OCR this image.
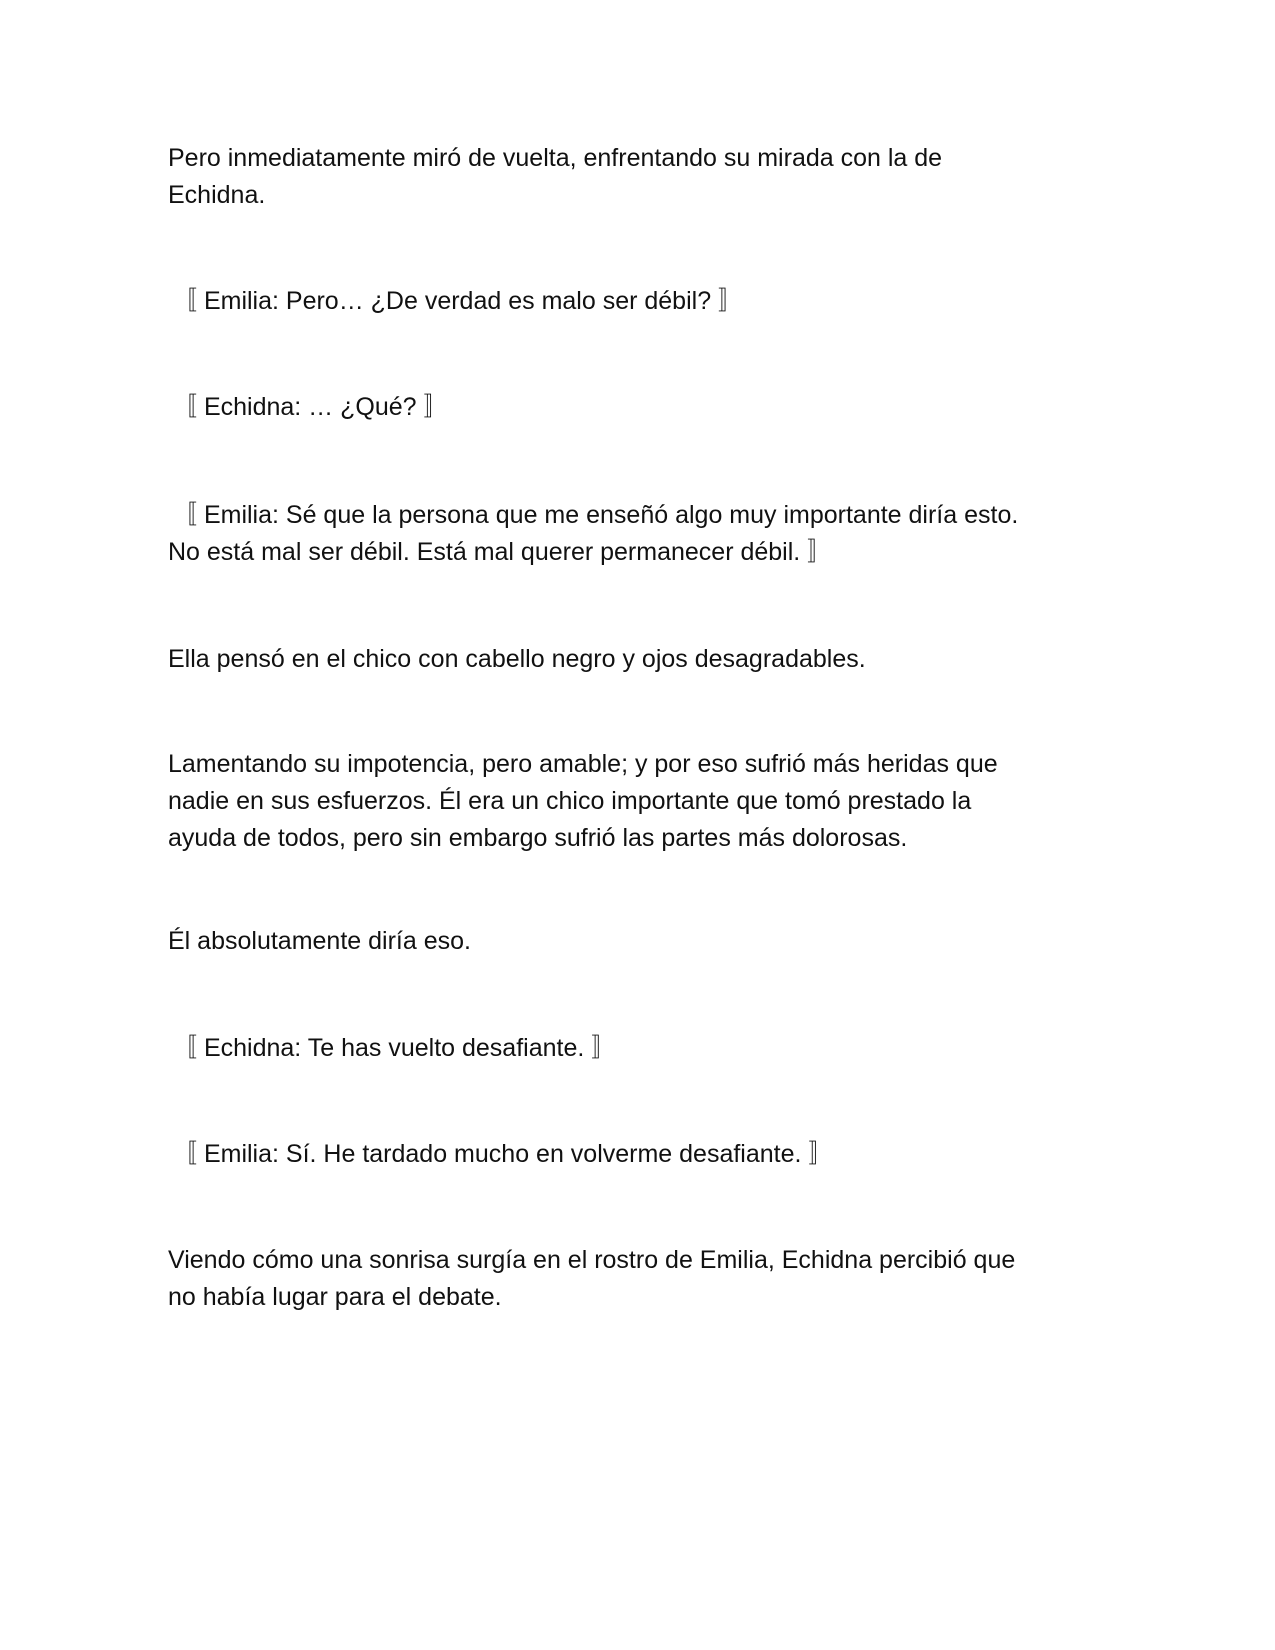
Pero inmediatamente miró de vuelta, enfrentando su mirada con la de
Echidna.

〚 Emilia: Pero… ¿De verdad es malo ser débil? 〛

〚 Echidna: … ¿Qué? 〛

〚 Emilia: Sé que la persona que me enseñó algo muy importante diría esto.
No está mal ser débil. Está mal querer permanecer débil. 〛

Ella pensó en el chico con cabello negro y ojos desagradables.

Lamentando su impotencia, pero amable; y por eso sufrió más heridas que
nadie en sus esfuerzos. Él era un chico importante que tomó prestado la
ayuda de todos, pero sin embargo sufrió las partes más dolorosas.

Él absolutamente diría eso.

〚 Echidna: Te has vuelto desafiante. 〛

〚 Emilia: Sí. He tardado mucho en volverme desafiante. 〛

Viendo cómo una sonrisa surgía en el rostro de Emilia, Echidna percibió que
no había lugar para el debate.
